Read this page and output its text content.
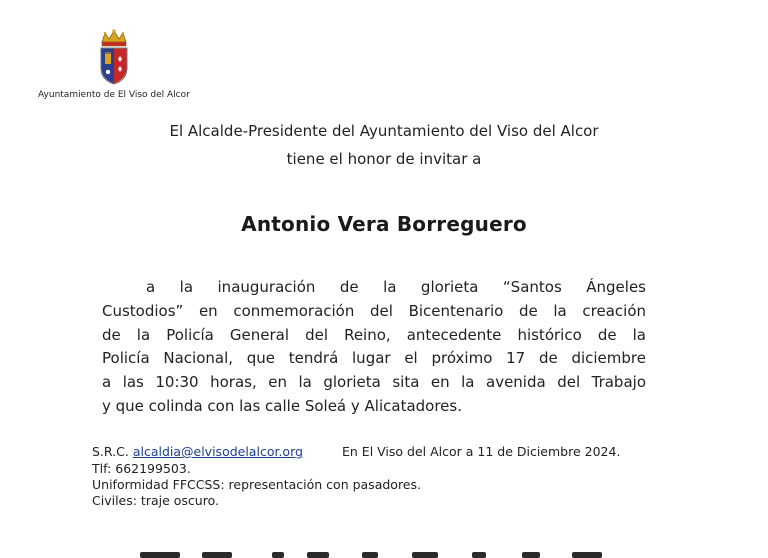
Ayuntamiento de El Viso del Alcor
El Alcalde-Presidente del Ayuntamiento del Viso del Alcor
tiene el honor de invitar a
Antonio Vera Borreguero
a la inauguración de la glorieta “Santos Ángeles
Custodios” en conmemoración del Bicentenario de la creación
de la Policía General del Reino, antecedente histórico de la
Policía Nacional, que tendrá lugar el próximo 17 de diciembre
a las 10:30 horas, en la glorieta sita en la avenida del Trabajo
y que colinda con las calle Soleá y Alicatadores.
S.R.C. alcaldia@elvisodelalcor.org	En El Viso del Alcor a 11 de Diciembre 2024.
Tlf: 662199503.
Uniformidad FFCCSS: representación con pasadores.
Civiles: traje oscuro.
